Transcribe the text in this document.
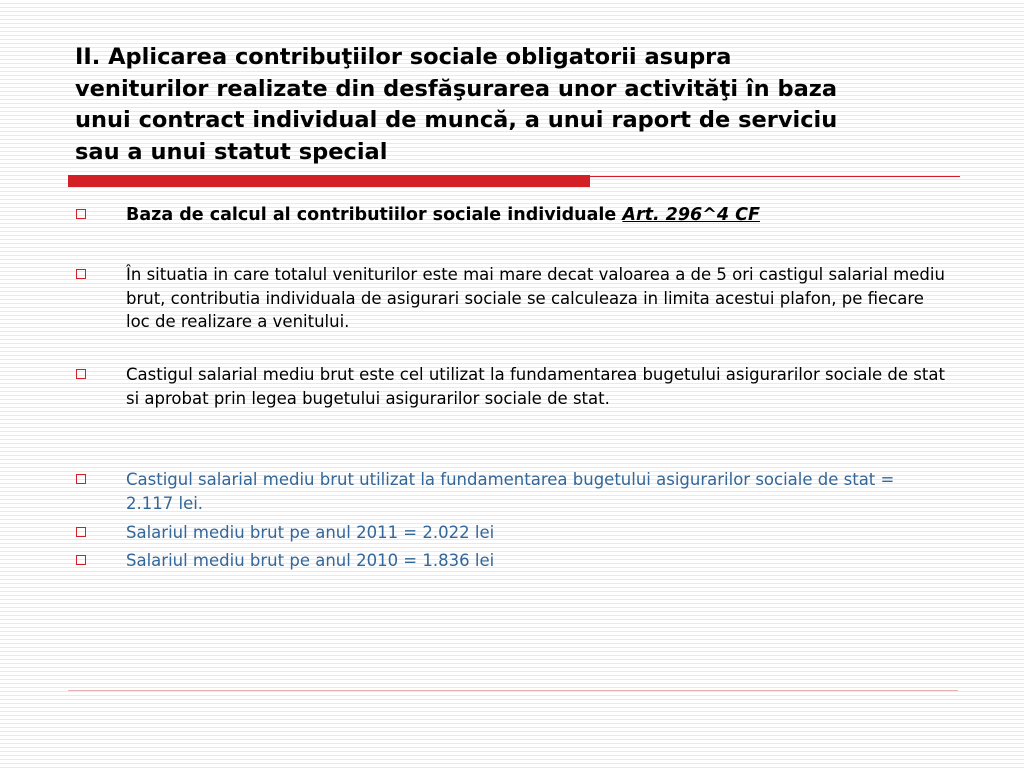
II. Aplicarea contribuţiilor sociale obligatorii asupra
veniturilor realizate din desfăşurarea unor activităţi în baza
unui contract individual de muncă, a unui raport de serviciu
sau a unui statut special
Baza de calcul al contributiilor sociale individuale Art. 296^4 CF
În situatia in care totalul veniturilor este mai mare decat valoarea a de 5 ori castigul salarial mediu brut, contributia individuala de asigurari sociale se calculeaza in limita acestui plafon, pe fiecare loc de realizare a venitului.
Castigul salarial mediu brut este cel utilizat la fundamentarea bugetului asigurarilor sociale de stat si aprobat prin legea bugetului asigurarilor sociale de stat.
Castigul salarial mediu brut utilizat la fundamentarea bugetului asigurarilor sociale de stat = 2.117 lei.
Salariul mediu brut pe anul 2011 = 2.022 lei
Salariul mediu brut pe anul 2010 = 1.836 lei
